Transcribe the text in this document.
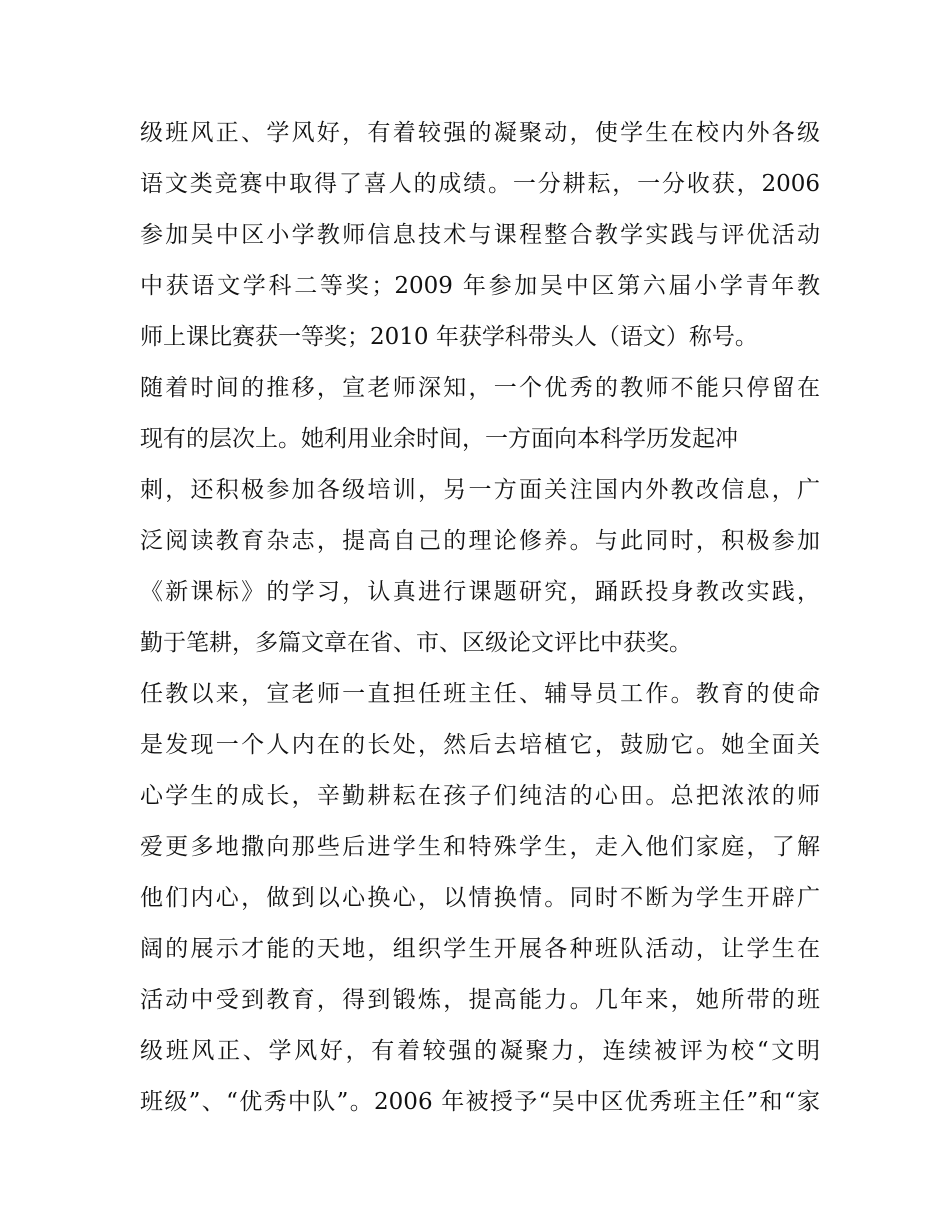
级班风正、学风好，有着较强的凝聚动，使学生在校内外各级
语文类竞赛中取得了喜人的成绩。一分耕耘，一分收获，2006
参加吴中区小学教师信息技术与课程整合教学实践与评优活动
中获语文学科二等奖；2009 年参加吴中区第六届小学青年教
师上课比赛获一等奖；2010 年获学科带头人（语文）称号。
随着时间的推移，宣老师深知，一个优秀的教师不能只停留在
现有的层次上。她利用业余时间，一方面向本科学历发起冲
刺，还积极参加各级培训，另一方面关注国内外教改信息，广
泛阅读教育杂志，提高自己的理论修养。与此同时，积极参加
《新课标》的学习，认真进行课题研究，踊跃投身教改实践，
勤于笔耕，多篇文章在省、市、区级论文评比中获奖。
任教以来，宣老师一直担任班主任、辅导员工作。教育的使命
是发现一个人内在的长处，然后去培植它，鼓励它。她全面关
心学生的成长，辛勤耕耘在孩子们纯洁的心田。总把浓浓的师
爱更多地撒向那些后进学生和特殊学生，走入他们家庭，了解
他们内心，做到以心换心，以情换情。同时不断为学生开辟广
阔的展示才能的天地，组织学生开展各种班队活动，让学生在
活动中受到教育，得到锻炼，提高能力。几年来，她所带的班
级班风正、学风好，有着较强的凝聚力，连续被评为校“文明
班级”、“优秀中队”。2006 年被授予“吴中区优秀班主任”和“家
